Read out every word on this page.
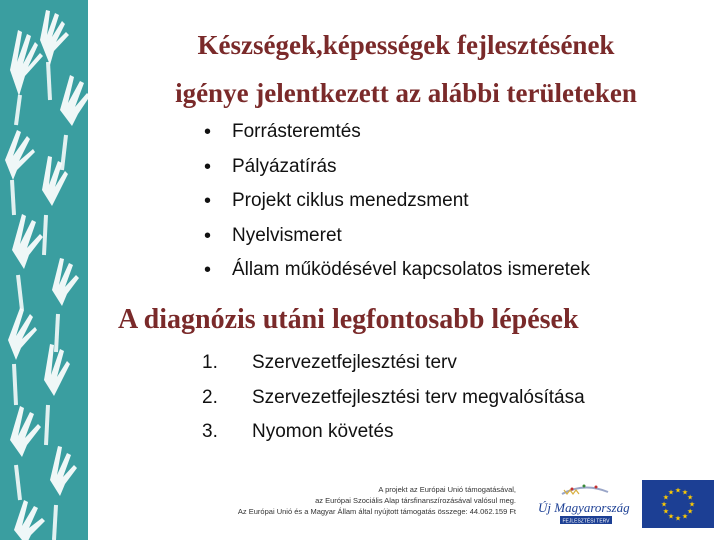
Készségek,képességek fejlesztésének
igénye jelentkezett az alábbi területeken
• Forrásteremtés
• Pályázatírás
• Projekt ciklus menedzsment
• Nyelvismeret
• Állam működésével kapcsolatos ismeretek
A diagnózis utáni legfontosabb lépések
1. Szervezetfejlesztési terv
2. Szervezetfejlesztési terv megvalósítása
3. Nyomon követés
A projekt az Európai Unió támogatásával,
az Európai Szociális Alap társfinanszírozásával valósul meg.
Az Európai Unió és a Magyar Állam által nyújtott támogatás összege: 44.062.159 Ft Új Magyarország
FEJLESZTÉSI TERV
★ ★
★
★
★
★
★
★
★
★
★
★
